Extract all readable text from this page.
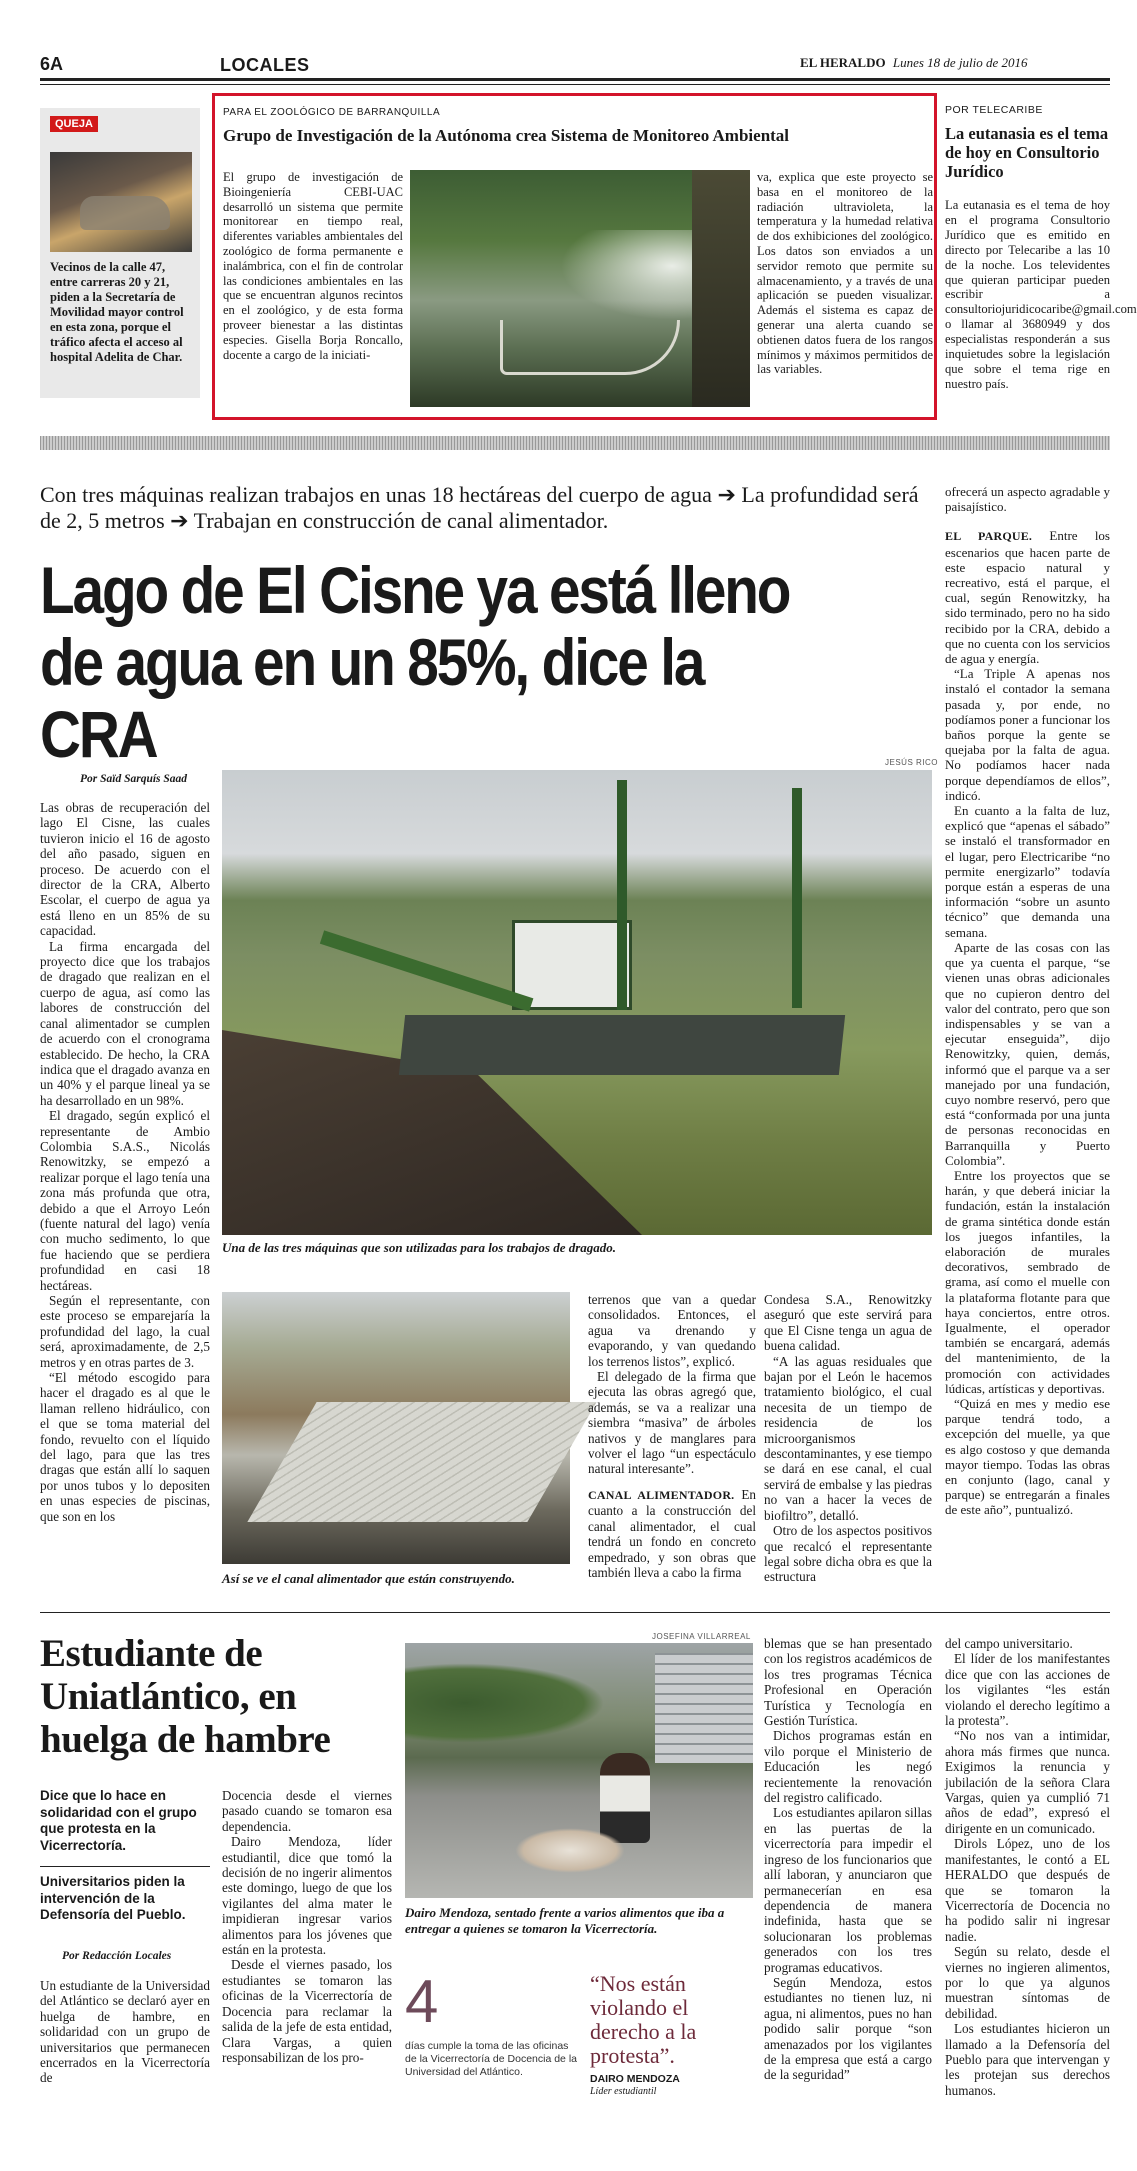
6A	LOCALES	EL HERALDO Lunes 18 de julio de 2016
QUEJA
Vecinos de la calle 47, entre carreras 20 y 21, piden a la Secretaría de Movilidad mayor control en esta zona, porque el tráfico afecta el acceso al hospital Adelita de Char.
PARA EL ZOOLÓGICO DE BARRANQUILLA
Grupo de Investigación de la Autónoma crea Sistema de Monitoreo Ambiental
El grupo de investigación de Bioingeniería CEBI-UAC desarrolló un sistema que permite monitorear en tiempo real, diferentes variables ambientales del zoológico de forma permanente e inalámbrica, con el fin de controlar las condiciones ambientales en las que se encuentran algunos recintos en el zoológico, y de esta forma proveer bienestar a las distintas especies. Gisella Borja Roncallo, docente a cargo de la iniciati-
va, explica que este proyecto se basa en el monitoreo de la radiación ultravioleta, la temperatura y la humedad relativa de dos exhibiciones del zoológico. Los datos son enviados a un servidor remoto que permite su almacenamiento, y a través de una aplicación se pueden visualizar. Además el sistema es capaz de generar una alerta cuando se obtienen datos fuera de los rangos mínimos y máximos permitidos de las variables.
POR TELECARIBE
La eutanasia es el tema de hoy en Consultorio Jurídico
La eutanasia es el tema de hoy en el programa Consultorio Jurídico que es emitido en directo por Telecaribe a las 10 de la noche. Los televidentes que quieran participar pueden escribir a consultoriojuridicocaribe@gmail.com o llamar al 3680949 y dos especialistas responderán a sus inquietudes sobre la legislación que sobre el tema rige en nuestro país.
Con tres máquinas realizan trabajos en unas 18 hectáreas del cuerpo de agua ➔ La profundidad será de 2, 5 metros ➔ Trabajan en construcción de canal alimentador.
Lago de El Cisne ya está lleno de agua en un 85%, dice la CRA
Por Saïd Sarquís Saad

Las obras de recuperación del lago El Cisne, las cuales tuvieron inicio el 16 de agosto del año pasado, siguen en proceso. De acuerdo con el director de la CRA, Alberto Escolar, el cuerpo de agua ya está lleno en un 85% de su capacidad.

La firma encargada del proyecto dice que los trabajos de dragado que realizan en el cuerpo de agua, así como las labores de construcción del canal alimentador se cumplen de acuerdo con el cronograma establecido. De hecho, la CRA indica que el dragado avanza en un 40% y el parque lineal ya se ha desarrollado en un 98%.

El dragado, según explicó el representante de Ambio Colombia S.A.S., Nicolás Renowitzky, se empezó a realizar porque el lago tenía una zona más profunda que otra, debido a que el Arroyo León (fuente natural del lago) venía con mucho sedimento, lo que fue haciendo que se perdiera profundidad en casi 18 hectáreas.

Según el representante, con este proceso se emparejaría la profundidad del lago, la cual será, aproximadamente, de 2,5 metros y en otras partes de 3.

“El método escogido para hacer el dragado es al que le llaman relleno hidráulico, con el que se toma material del fondo, revuelto con el líquido del lago, para que las tres dragas que están allí lo saquen por unos tubos y lo depositen en unas especies de piscinas, que son en los

JESÚS RICO
Una de las tres máquinas que son utilizadas para los trabajos de dragado.
Así se ve el canal alimentador que están construyendo.

terrenos que van a quedar consolidados. Entonces, el agua va drenando y evaporando, y van quedando los terrenos listos”, explicó.

El delegado de la firma que ejecuta las obras agregó que, además, se va a realizar una siembra “masiva” de árboles nativos y de manglares para volver el lago “un espectáculo natural interesante”.

CANAL ALIMENTADOR. En cuanto a la construcción del canal alimentador, el cual tendrá un fondo en concreto empedrado, y son obras que también lleva a cabo la firma

Condesa S.A., Renowitzky aseguró que este servirá para que El Cisne tenga un agua de buena calidad.

“A las aguas residuales que bajan por el León le hacemos tratamiento biológico, el cual necesita de un tiempo de residencia de los microorganismos descontaminantes, y ese tiempo se dará en ese canal, el cual servirá de embalse y las piedras no van a hacer la veces de biofiltro”, detalló.

Otro de los aspectos positivos que recalcó el representante legal sobre dicha obra es que la estructura

ofrecerá un aspecto agradable y paisajístico.

EL PARQUE. Entre los escenarios que hacen parte de este espacio natural y recreativo, está el parque, el cual, según Renowitzky, ha sido terminado, pero no ha sido recibido por la CRA, debido a que no cuenta con los servicios de agua y energía.

“La Triple A apenas nos instaló el contador la semana pasada y, por ende, no podíamos poner a funcionar los baños porque la gente se quejaba por la falta de agua. No podíamos hacer nada porque dependíamos de ellos”, indicó.

En cuanto a la falta de luz, explicó que “apenas el sábado” se instaló el transformador en el lugar, pero Electricaribe “no permite energizarlo” todavía porque están a esperas de una información “sobre un asunto técnico” que demanda una semana.

Aparte de las cosas con las que ya cuenta el parque, “se vienen unas obras adicionales que no cupieron dentro del valor del contrato, pero que son indispensables y se van a ejecutar enseguida”, dijo Renowitzky, quien, demás, informó que el parque va a ser manejado por una fundación, cuyo nombre reservó, pero que está “conformada por una junta de personas reconocidas en Barranquilla y Puerto Colombia”.

Entre los proyectos que se harán, y que deberá iniciar la fundación, están la instalación de grama sintética donde están los juegos infantiles, la elaboración de murales decorativos, sembrado de grama, así como el muelle con la plataforma flotante para que haya conciertos, entre otros. Igualmente, el operador también se encargará, además del mantenimiento, de la promoción con actividades lúdicas, artísticas y deportivas.

“Quizá en mes y medio ese parque tendrá todo, a excepción del muelle, ya que es algo costoso y que demanda mayor tiempo. Todas las obras en conjunto (lago, canal y parque) se entregarán a finales de este año”, puntualizó.

Estudiante de Uniatlántico, en huelga de hambre
Dice que lo hace en solidaridad con el grupo que protesta en la Vicerrectoría.
Universitarios piden la intervención de la Defensoría del Pueblo.
Por Redacción Locales
Un estudiante de la Universidad del Atlántico se declaró ayer en huelga de hambre, en solidaridad con un grupo de universitarios que permanecen encerrados en la Vicerrectoría de

Docencia desde el viernes pasado cuando se tomaron esa dependencia.

Dairo Mendoza, líder estudiantil, dice que tomó la decisión de no ingerir alimentos este domingo, luego de que los vigilantes del alma mater le impidieran ingresar varios alimentos para los jóvenes que están en la protesta.

Desde el viernes pasado, los estudiantes se tomaron las oficinas de la Vicerrectoría de Docencia para reclamar la salida de la jefe de esta entidad, Clara Vargas, a quien responsabilizan de los pro-

JOSEFINA VILLARREAL
Dairo Mendoza, sentado frente a varios alimentos que iba a entregar a quienes se tomaron la Vicerrectoría.
4
días cumple la toma de las oficinas de la Vicerrectoría de Docencia de la Universidad del Atlántico.
“Nos están violando el derecho a la protesta”.
DAIRO MENDOZA
Líder estudiantil

blemas que se han presentado con los registros académicos de los tres programas Técnica Profesional en Operación Turística y Tecnología en Gestión Turística.

Dichos programas están en vilo porque el Ministerio de Educación les negó recientemente la renovación del registro calificado.

Los estudiantes apilaron sillas en las puertas de la vicerrectoría para impedir el ingreso de los funcionarios que allí laboran, y anunciaron que permanecerían en esa dependencia de manera indefinida, hasta que se solucionaran los problemas generados con los tres programas educativos.

Según Mendoza, estos estudiantes no tienen luz, ni agua, ni alimentos, pues no han podido salir porque “son amenazados por los vigilantes de la empresa que está a cargo de la seguridad”

del campo universitario.

El líder de los manifestantes dice que con las acciones de los vigilantes “les están violando el derecho legítimo a la protesta”.

“No nos van a intimidar, ahora más firmes que nunca. Exigimos la renuncia y jubilación de la señora Clara Vargas, quien ya cumplió 71 años de edad”, expresó el dirigente en un comunicado.

Dirols López, uno de los manifestantes, le contó a EL HERALDO que después de que se tomaron la Vicerrectoría de Docencia no ha podido salir ni ingresar nadie.

Según su relato, desde el viernes no ingieren alimentos, por lo que ya algunos muestran síntomas de debilidad.

Los estudiantes hicieron un llamado a la Defensoría del Pueblo para que intervengan y les protejan sus derechos humanos.
